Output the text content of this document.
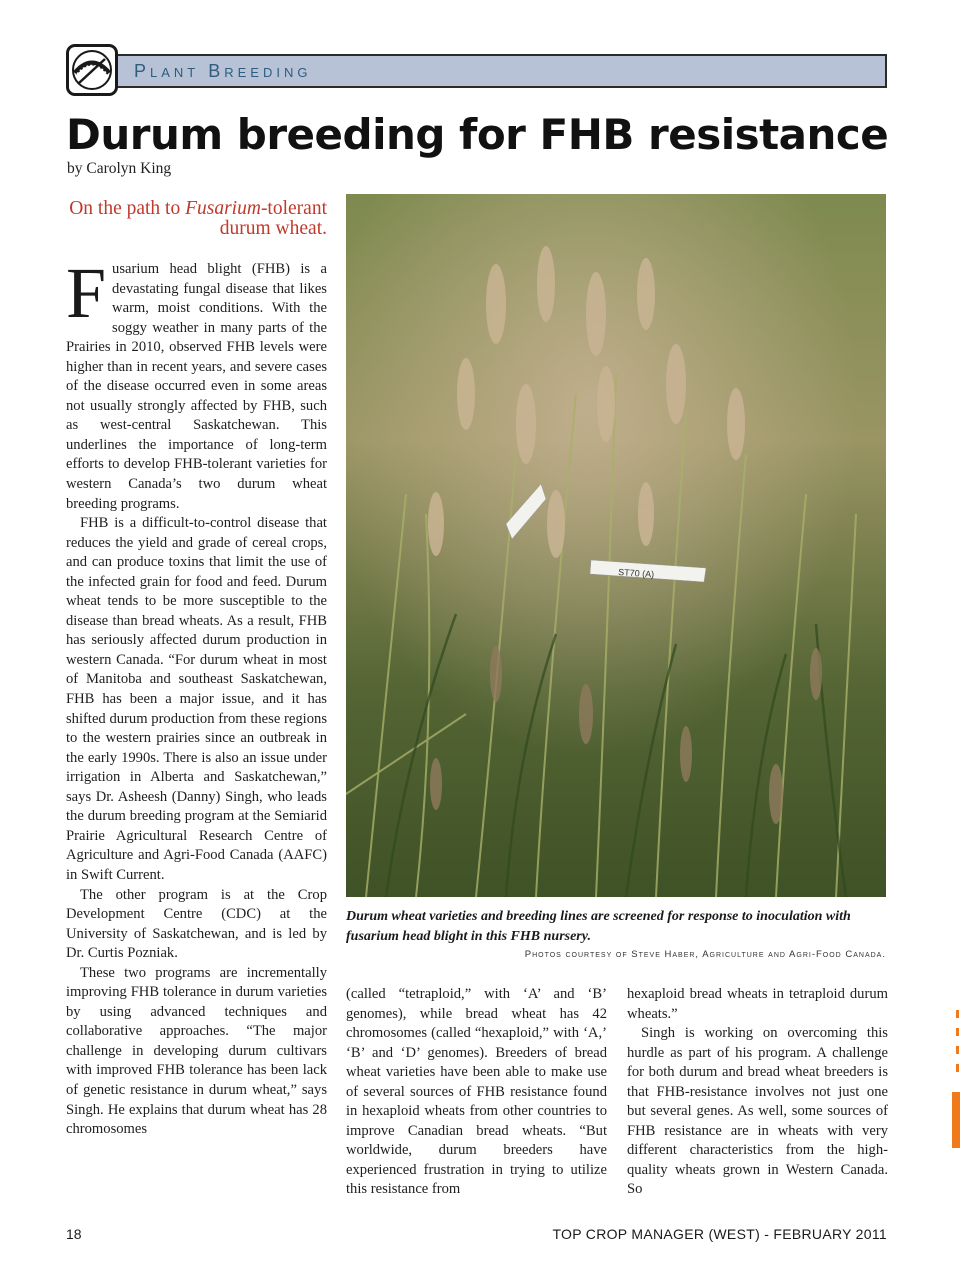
Plant Breeding
Durum breeding for FHB resistance
by Carolyn King
On the path to Fusarium-tolerant durum wheat.

Fusarium head blight (FHB) is a devastating fungal disease that likes warm, moist conditions. With the soggy weather in many parts of the Prairies in 2010, observed FHB levels were higher than in recent years, and severe cases of the disease occurred even in some areas not usually strongly affected by FHB, such as west-central Saskatchewan. This underlines the importance of long-term efforts to develop FHB-tolerant varieties for western Canada’s two durum wheat breeding programs.

FHB is a difficult-to-control disease that reduces the yield and grade of cereal crops, and can produce toxins that limit the use of the infected grain for food and feed. Durum wheat tends to be more susceptible to the disease than bread wheats. As a result, FHB has seriously affected durum production in western Canada. “For durum wheat in most of Manitoba and southeast Saskatchewan, FHB has been a major issue, and it has shifted durum production from these regions to the western prairies since an outbreak in the early 1990s. There is also an issue under irrigation in Alberta and Saskatchewan,” says Dr. Asheesh (Danny) Singh, who leads the durum breeding program at the Semiarid Prairie Agricultural Research Centre of Agriculture and Agri-Food Canada (AAFC) in Swift Current.

The other program is at the Crop Development Centre (CDC) at the University of Saskatchewan, and is led by Dr. Curtis Pozniak.

These two programs are incrementally improving FHB tolerance in durum varieties by using advanced techniques and collaborative approaches. “The major challenge in developing durum cultivars with improved FHB tolerance has been lack of genetic resistance in durum wheat,” says Singh. He explains that durum wheat has 28 chromosomes

ST70 (A)
Durum wheat varieties and breeding lines are screened for response to inoculation with fusarium head blight in this FHB nursery.
Photos courtesy of Steve Haber, Agriculture and Agri-Food Canada.

(called “tetraploid,” with ‘A’ and ‘B’ genomes), while bread wheat has 42 chromosomes (called “hexaploid,” with ‘A,’ ‘B’ and ‘D’ genomes). Breeders of bread wheat varieties have been able to make use of several sources of FHB resistance found in hexaploid wheats from other countries to improve Canadian bread wheats. “But worldwide, durum breeders have experienced frustration in trying to utilize this resistance from

hexaploid bread wheats in tetraploid durum wheats.”

Singh is working on overcoming this hurdle as part of his program. A challenge for both durum and bread wheat breeders is that FHB-resistance involves not just one but several genes. As well, some sources of FHB resistance are in wheats with very different characteristics from the high-quality wheats grown in Western Canada. So

18	TOP CROP MANAGER (WEST) - FEBRUARY 2011
